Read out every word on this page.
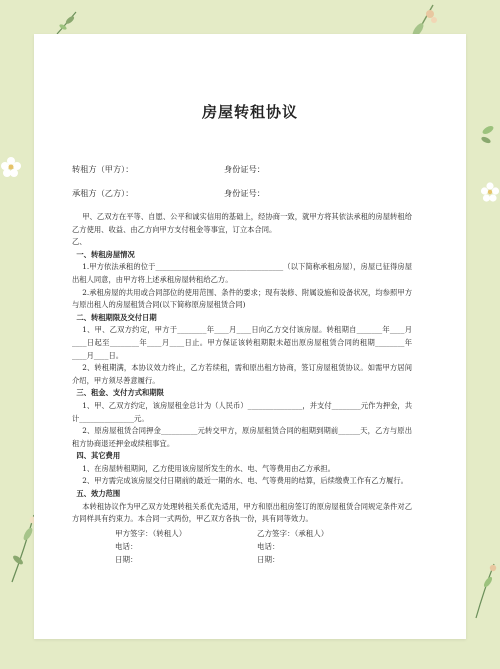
房屋转租协议
转租方（甲方）：	身份证号：
承租方（乙方）：	身份证号：

甲、乙双方在平等、自愿、公平和诚实信用的基础上，经协商一致，就甲方将其依法承租的房屋转租给乙方使用、收益、由乙方向甲方支付租金等事宜，订立本合同。

乙、

一、转租房屋情况

1.甲方依法承租的位于___________________________________（以下简称承租房屋），房屋已征得房屋出租人同意，由甲方将上述承租房屋转租给乙方。

2.承租房屋的共用或合同部位的使用范围、条件的要求；现有装修、附属设施和设备状况，均参照甲方与原出租人的房屋租赁合同(以下简称原房屋租赁合同)

二、转租期限及交付日期

1、甲、乙双方约定，甲方于________年____月____日向乙方交付该房屋。转租期自_______年____月____日起至________年____月____日止。甲方保证该转租期限未超出原房屋租赁合同的租期________年____月____日。

2、转租期满，本协议效力终止，乙方若续租，需和原出租方协商，签订房屋租赁协议。如需甲方居间介绍，甲方须尽善意履行。

三、租金、支付方式和期限

1、甲、乙双方约定，该房屋租金总计为（人民币）_______________，并支付________元作为押金，共计_______________元。

2、原房屋租赁合同押金__________元转交甲方，原房屋租赁合同的租期到期前______天，乙方与原出租方协商退还押金或续租事宜。

四、其它费用

1、在房屋转租期间，乙方使用该房屋所发生的水、电、气等费用由乙方承担。

2、甲方需完成该房屋交付日期前的最近一期的水、电、气等费用的结算，后续缴费工作有乙方履行。

五、效力范围

本转租协议作为甲乙双方处理转租关系优先适用，甲方和原出租房签订的原房屋租赁合同规定条件对乙方同样具有约束力。本合同一式两份，甲乙双方各执一份，具有同等效力。

甲方签字：（转租人）
电话：
日期：
乙方签字：（承租人）
电话：
日期：
